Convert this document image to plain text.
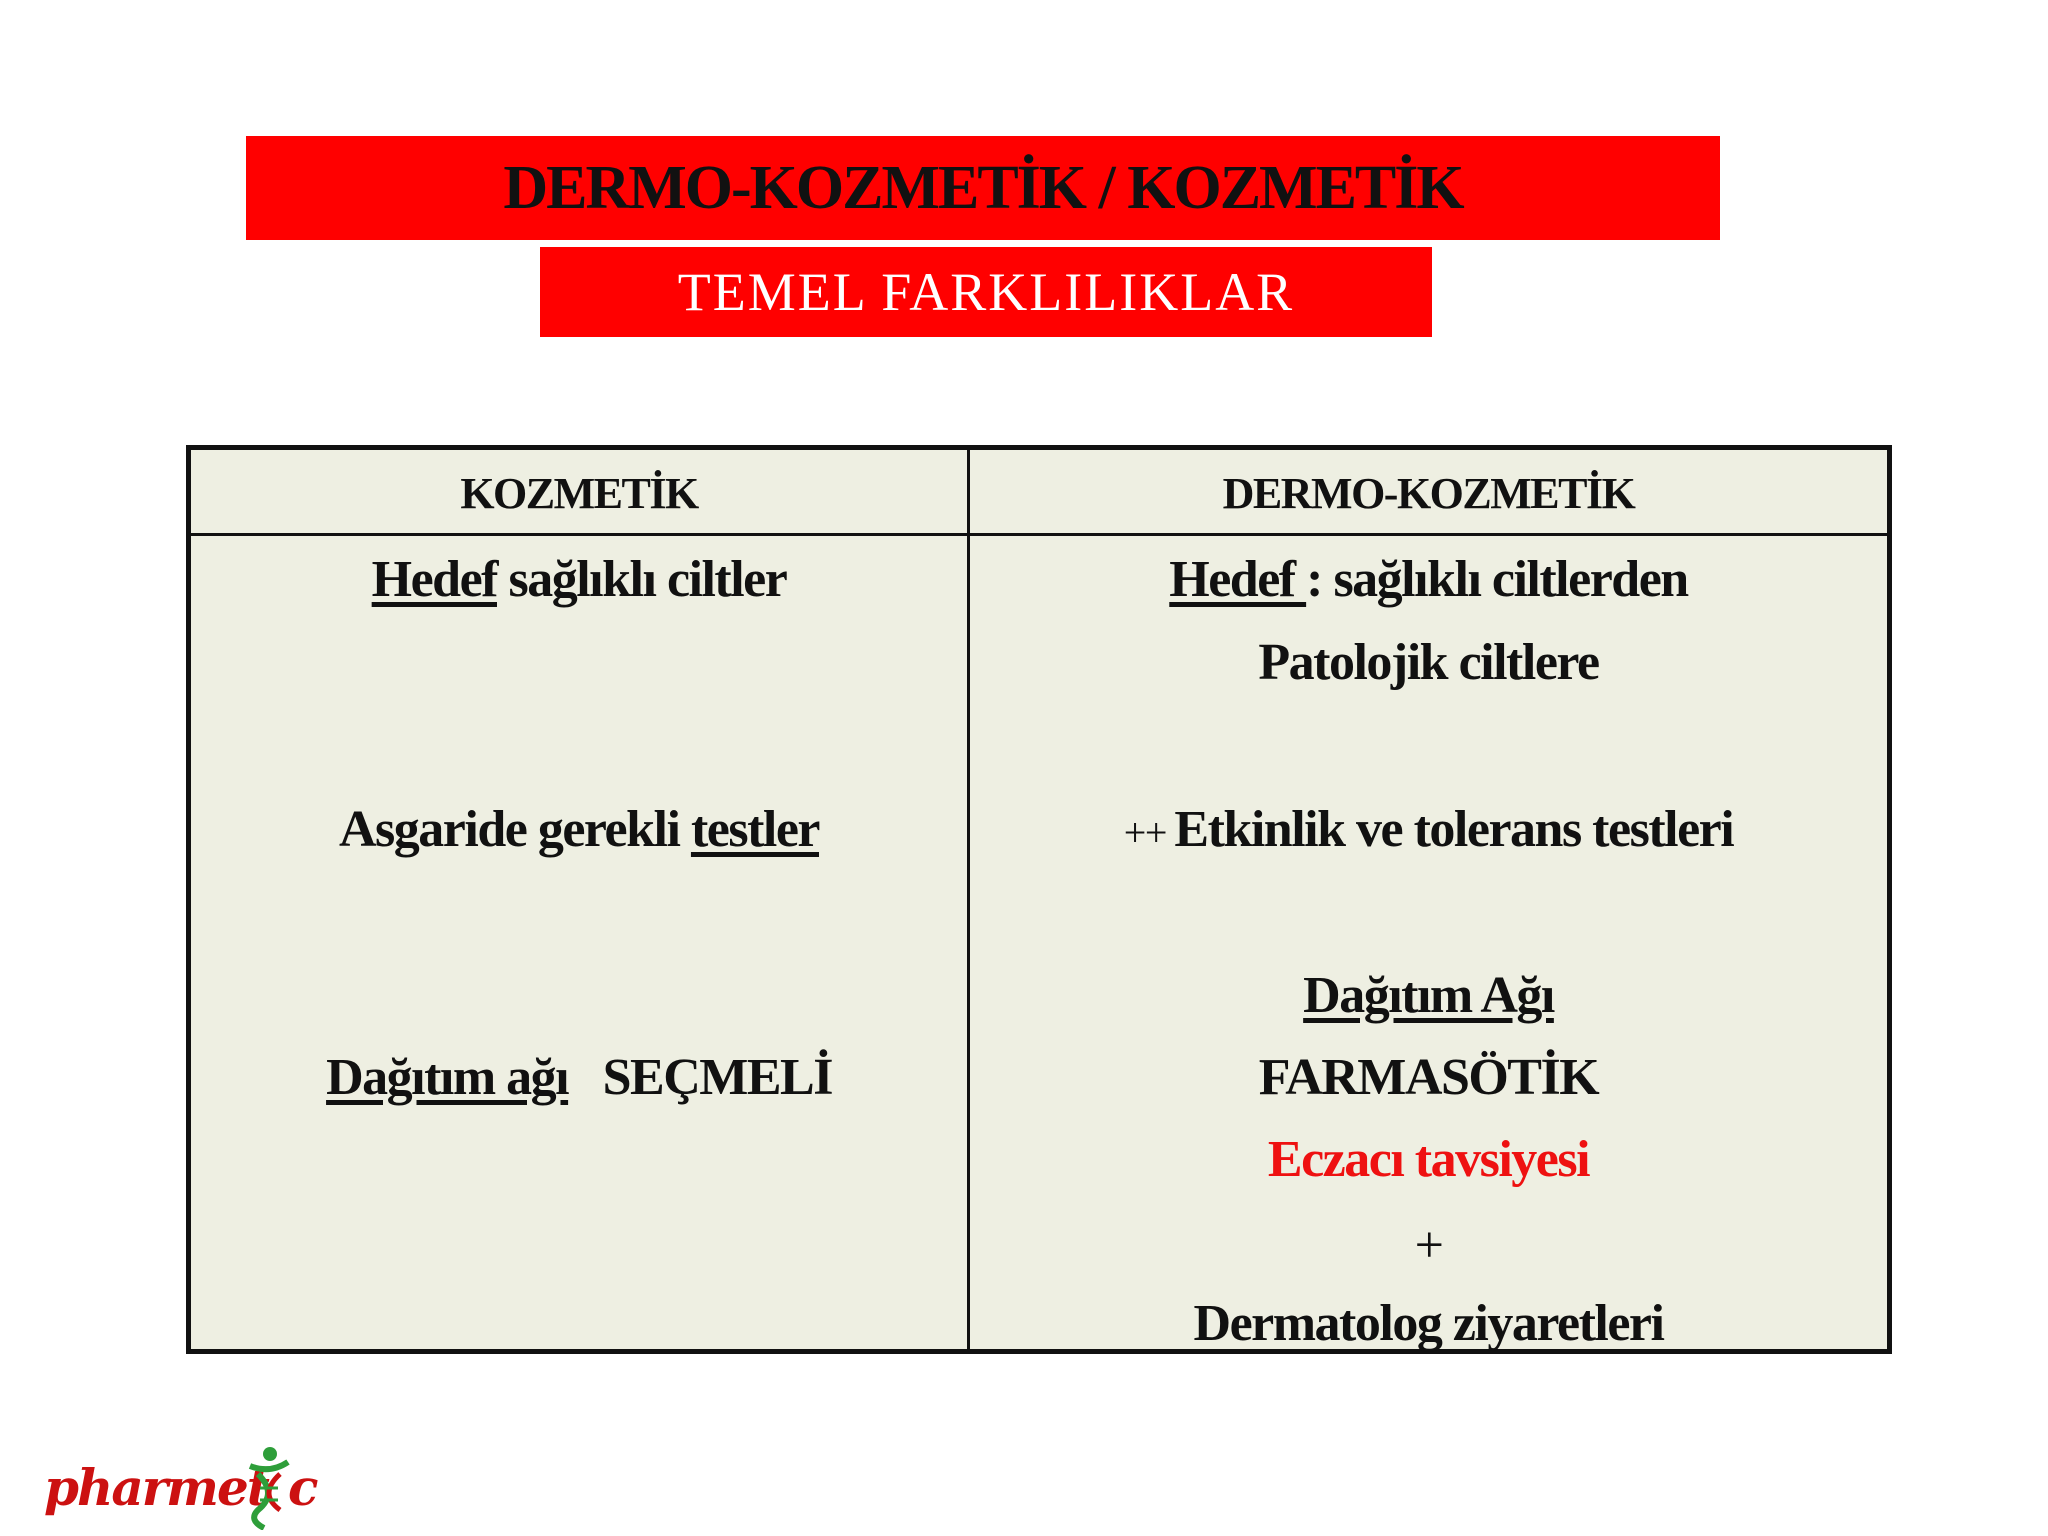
DERMO-KOZMETİK / KOZMETİK
TEMEL FARKLILIKLAR
KOZMETİK	DERMO-KOZMETİK
Hedef sağlıklı ciltler
Asgaride gerekli testler
Dağıtım ağı SEÇMELİ
Hedef : sağlıklı ciltlerden
Patolojik ciltlere
++ Etkinlik ve tolerans testleri
Dağıtım Ağı
FARMASÖTİK
Eczacı tavsiyesi
+
Dermatolog ziyaretleri
pharmet c
